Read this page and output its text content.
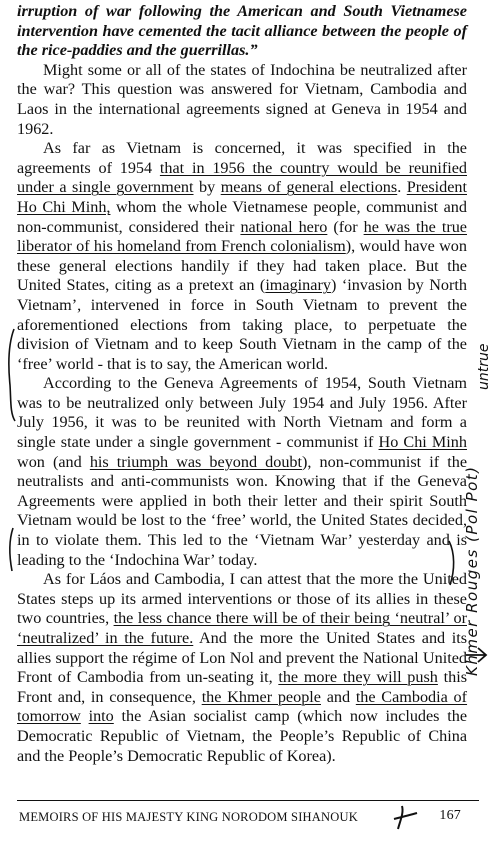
irruption of war following the American and South Vietnamese intervention have cemented the tacit alliance between the people of the rice-paddies and the guerrillas.”

Might some or all of the states of Indochina be neutralized after the war? This question was answered for Vietnam, Cambodia and Laos in the international agreements signed at Geneva in 1954 and 1962.

As far as Vietnam is concerned, it was specified in the agreements of 1954 that in 1956 the country would be reunified under a single government by means of general elections. President Ho Chi Minh, whom the whole Vietnamese people, communist and non-communist, considered their national hero (for he was the true liberator of his homeland from French colonialism), would have won these general elections handily if they had taken place. But the United States, citing as a pretext an (imaginary) ‘invasion by North Vietnam’, intervened in force in South Vietnam to prevent the aforementioned elections from taking place, to perpetuate the division of Vietnam and to keep South Vietnam in the camp of the ‘free’ world - that is to say, the American world.

According to the Geneva Agreements of 1954, South Vietnam was to be neutralized only between July 1954 and July 1956. After July 1956, it was to be reunited with North Vietnam and form a single state under a single government - communist if Ho Chi Minh won (and his triumph was beyond doubt), non-communist if the neutralists and anti-communists won. Knowing that if the Geneva Agreements were applied in both their letter and their spirit South Vietnam would be lost to the ‘free’ world, the United States decided, in to violate them. This led to the ‘Vietnam War’ yesterday and is leading to the ‘Indochina War’ today.

As for Láos and Cambodia, I can attest that the more the United States steps up its armed interventions or those of its allies in these two countries, the less chance there will be of their being ‘neutral’ or ‘neutralized’ in the future. And the more the United States and its allies support the régime of Lon Nol and prevent the National United Front of Cambodia from un-seating it, the more they will push this Front and, in consequence, the Khmer people and the Cambodia of tomorrow into the Asian socialist camp (which now includes the Democratic Republic of Vietnam, the People’s Republic of China and the People’s Democratic Republic of Korea).

Khmer Rouges (Pol Pot)
untrue
MEMOIRS OF HIS MAJESTY KING NORODOM SIHANOUK	167
